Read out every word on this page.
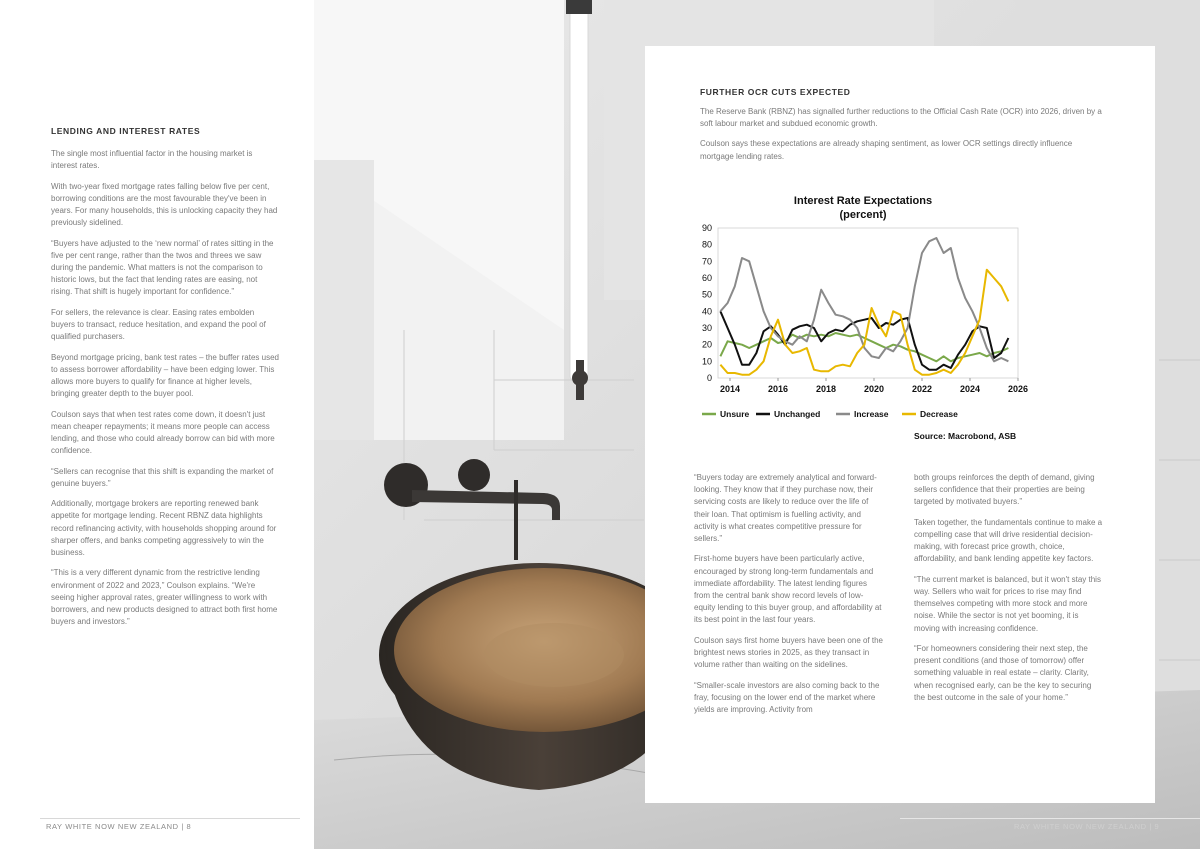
LENDING AND INTEREST RATES

The single most influential factor in the housing market is interest rates.

With two-year fixed mortgage rates falling below five per cent, borrowing conditions are the most favourable they've been in years. For many households, this is unlocking capacity they had previously sidelined.

“Buyers have adjusted to the ‘new normal’ of rates sitting in the five per cent range, rather than the twos and threes we saw during the pandemic. What matters is not the comparison to historic lows, but the fact that lending rates are easing, not rising. That shift is hugely important for confidence.”

For sellers, the relevance is clear. Easing rates embolden buyers to transact, reduce hesitation, and expand the pool of qualified purchasers.

Beyond mortgage pricing, bank test rates – the buffer rates used to assess borrower affordability – have been edging lower. This allows more buyers to qualify for finance at higher levels, bringing greater depth to the buyer pool.

Coulson says that when test rates come down, it doesn't just mean cheaper repayments; it means more people can access lending, and those who could already borrow can bid with more confidence.

“Sellers can recognise that this shift is expanding the market of genuine buyers.”

Additionally, mortgage brokers are reporting renewed bank appetite for mortgage lending. Recent RBNZ data highlights record refinancing activity, with households shopping around for sharper offers, and banks competing aggressively to win the business.

“This is a very different dynamic from the restrictive lending environment of 2022 and 2023,” Coulson explains. “We're seeing higher approval rates, greater willingness to work with borrowers, and new products designed to attract both first home buyers and investors.”

RAY WHITE NOW NEW ZEALAND | 8
FURTHER OCR CUTS EXPECTED

The Reserve Bank (RBNZ) has signalled further reductions to the Official Cash Rate (OCR) into 2026, driven by a soft labour market and subdued economic growth.

Coulson says these expectations are already shaping sentiment, as lower OCR settings directly influence mortgage lending rates.

Interest Rate Expectations
(percent)
0
10
20
30
40
50
60
70
80
90
2014	2016	2018	2020	2022	2024	2026
Unsure	Unchanged	Increase	Decrease
Source: Macrobond, ASB

“Buyers today are extremely analytical and forward-looking. They know that if they purchase now, their servicing costs are likely to reduce over the life of their loan. That optimism is fuelling activity, and activity is what creates competitive pressure for sellers.”

First-home buyers have been particularly active, encouraged by strong long-term fundamentals and immediate affordability. The latest lending figures from the central bank show record levels of low-equity lending to this buyer group, and affordability at its best point in the last four years.

Coulson says first home buyers have been one of the brightest news stories in 2025, as they transact in volume rather than waiting on the sidelines.

“Smaller-scale investors are also coming back to the fray, focusing on the lower end of the market where yields are improving. Activity from

both groups reinforces the depth of demand, giving sellers confidence that their properties are being targeted by motivated buyers.”

Taken together, the fundamentals continue to make a compelling case that will drive residential decision-making, with forecast price growth, choice, affordability, and bank lending appetite key factors.

“The current market is balanced, but it won't stay this way. Sellers who wait for prices to rise may find themselves competing with more stock and more noise. While the sector is not yet booming, it is moving with increasing confidence.

“For homeowners considering their next step, the present conditions (and those of tomorrow) offer something valuable in real estate – clarity. Clarity, when recognised early, can be the key to securing the best outcome in the sale of your home.”

RAY WHITE NOW NEW ZEALAND | 9
